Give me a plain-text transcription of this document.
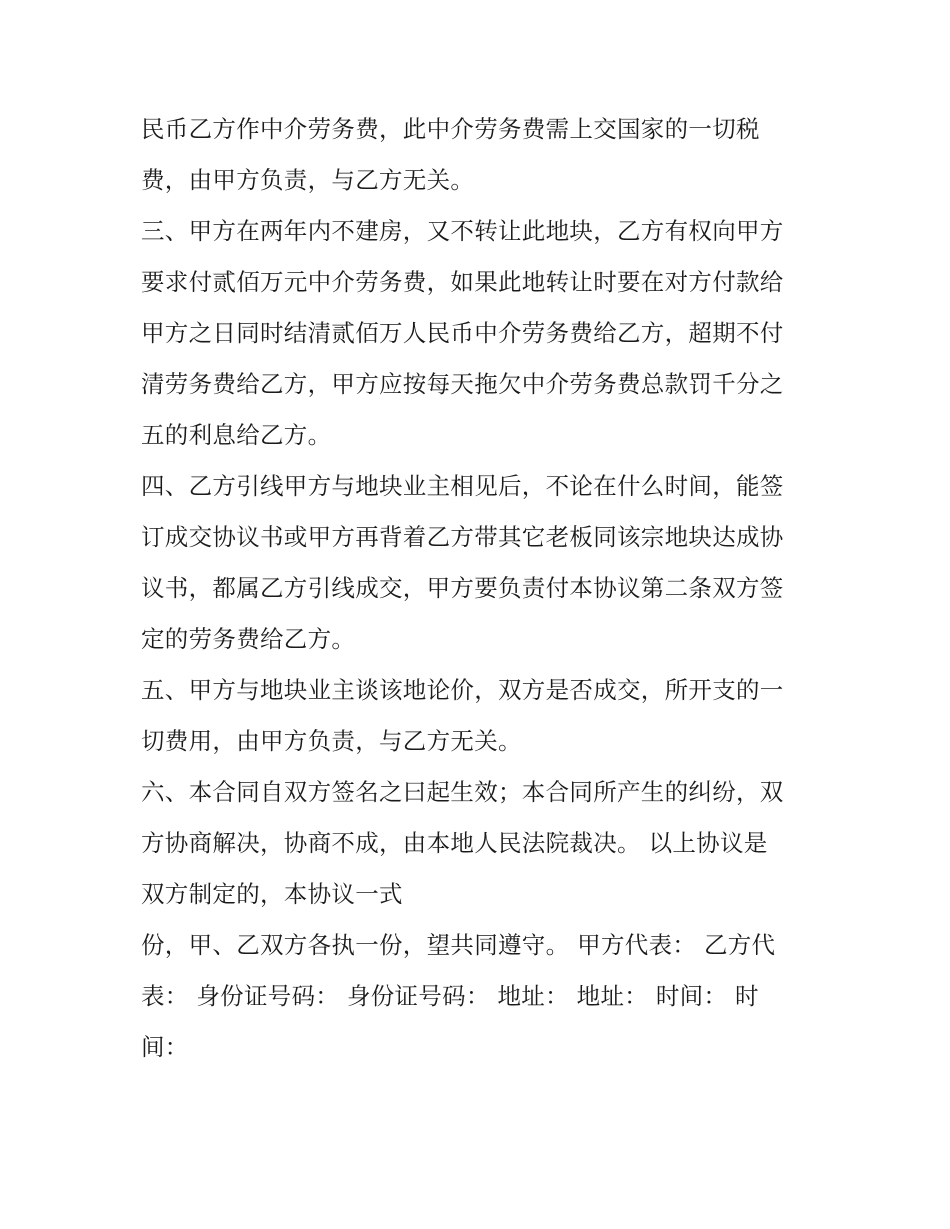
民币乙方作中介劳务费，此中介劳务费需上交国家的一切税
费，由甲方负责，与乙方无关。
三、甲方在两年内不建房，又不转让此地块，乙方有权向甲方
要求付贰佰万元中介劳务费，如果此地转让时要在对方付款给
甲方之日同时结清贰佰万人民币中介劳务费给乙方，超期不付
清劳务费给乙方，甲方应按每天拖欠中介劳务费总款罚千分之
五的利息给乙方。
四、乙方引线甲方与地块业主相见后，不论在什么时间，能签
订成交协议书或甲方再背着乙方带其它老板同该宗地块达成协
议书，都属乙方引线成交，甲方要负责付本协议第二条双方签
定的劳务费给乙方。
五、甲方与地块业主谈该地论价，双方是否成交，所开支的一
切费用，由甲方负责，与乙方无关。
六、本合同自双方签名之曰起生效；本合同所产生的纠纷，双
方协商解决，协商不成，由本地人民法院裁决。 以上协议是
双方制定的，本协议一式
份，甲、乙双方各执一份，望共同遵守。 甲方代表： 乙方代
表： 身份证号码： 身份证号码： 地址： 地址： 时间： 时
间：
